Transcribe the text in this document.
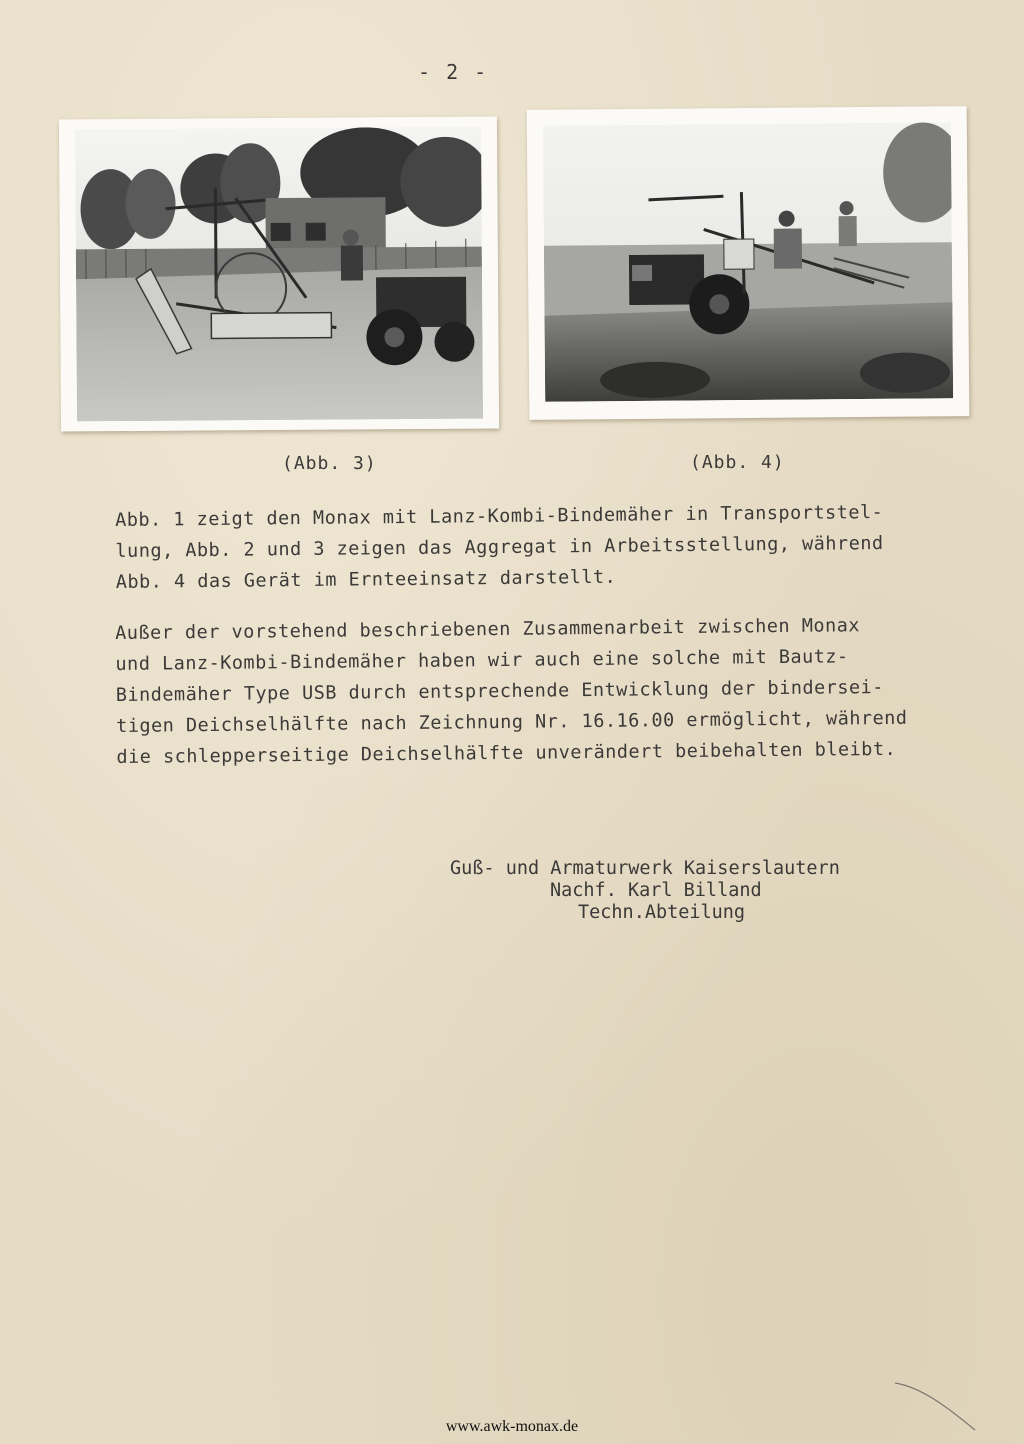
- 2 -
(Abb. 3)	(Abb. 4)
Abb. 1 zeigt den Monax mit Lanz-Kombi-Bindemäher in Transportstel-
lung, Abb. 2 und 3 zeigen das Aggregat in Arbeitsstellung, während
Abb. 4 das Gerät im Ernteeinsatz darstellt.
Außer der vorstehend beschriebenen Zusammenarbeit zwischen Monax
und Lanz-Kombi-Bindemäher haben wir auch eine solche mit Bautz-
Bindemäher Type USB durch entsprechende Entwicklung der bindersei-
tigen Deichselhälfte nach Zeichnung Nr. 16.16.00 ermöglicht, während
die schlepperseitige Deichselhälfte unverändert beibehalten bleibt.
Guß- und Armaturwerk Kaiserslautern
Nachf. Karl Billand
Techn.Abteilung
www.awk-monax.de
